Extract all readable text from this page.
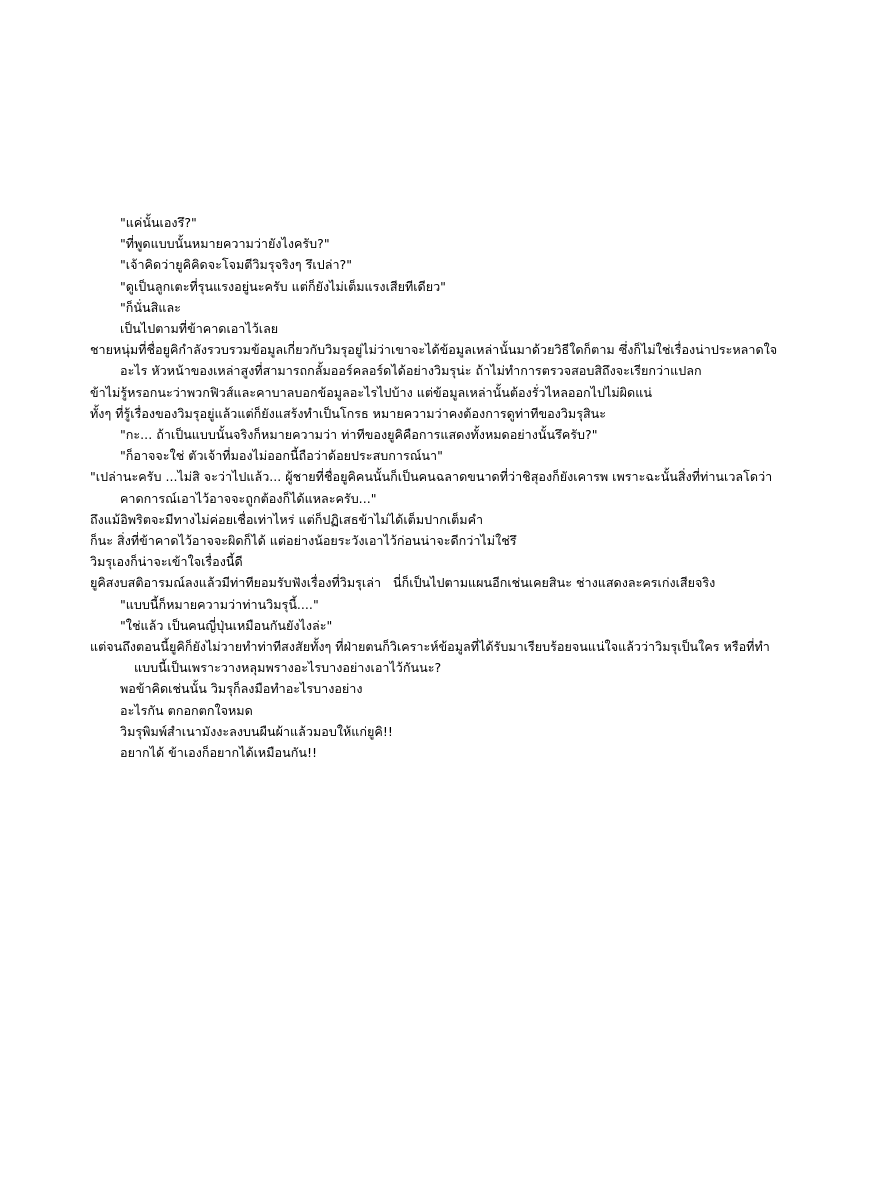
"แค่นั้นเองรึ?"
"ที่พูดแบบนั้นหมายความว่ายังไงครับ?"
"เจ้าคิดว่ายูคิคิดจะโจมตีวิมรุจริงๆ รึเปล่า?"
"ดูเป็นลูกเตะที่รุนแรงอยู่นะครับ แต่ก็ยังไม่เต็มแรงเสียทีเดียว"
"ก็นั่นสิและ
เป็นไปตามที่ข้าคาดเอาไว้เลย
ชายหนุ่มที่ชื่อยูคิกำลังรวบรวมข้อมูลเกี่ยวกับวิมรุอยู่ไม่ว่าเขาจะได้ข้อมูลเหล่านั้นมาด้วยวิธีใดก็ตาม ซึ่งก็ไม่ใช่เรื่องน่าประหลาดใจอะไร หัวหน้าของเหล่าสูงที่สามารถกลั้มออร์คลอร์ดได้อย่างวิมรุน่ะ ถ้าไม่ทำการตรวจสอบสิถึงจะเรียกว่าแปลก
ข้าไม่รู้หรอกนะว่าพวกฟิวส์และคาบาลบอกข้อมูลอะไรไปบ้าง แต่ข้อมูลเหล่านั้นต้องรั่วไหลออกไปไม่ผิดแน่
ทั้งๆ ที่รู้เรื่องของวิมรุอยู่แล้วแต่ก็ยังแสร้งทำเป็นโกรธ หมายความว่าคงต้องการดูท่าทีของวิมรุสินะ
"กะ... ถ้าเป็นแบบนั้นจริงก็หมายความว่า ท่าทีของยูคิคือการแสดงทั้งหมดอย่างนั้นรึครับ?"
"ก็อาจจะใช่ ตัวเจ้าที่มองไม่ออกนี้ถือว่าด้อยประสบการณ์นา"
"เปล่านะครับ ...ไม่สิ จะว่าไปแล้ว... ผู้ชายที่ชื่อยูคิคนนั้นก็เป็นคนฉลาดขนาดที่ว่าชิสุองก็ยังเคารพ เพราะฉะนั้นสิ่งที่ท่านเวลโดว่าคาดการณ์เอาไว้อาจจะถูกต้องก็ได้แหละครับ..."
ถึงแม้อิพริตจะมีทางไม่ค่อยเชื่อเท่าไหร่ แต่ก็ปฏิเสธข้าไม่ได้เต็มปากเต็มคำ
ก็นะ สิ่งที่ข้าคาดไว้อาจจะผิดก็ได้ แต่อย่างน้อยระวังเอาไว้ก่อนน่าจะดีกว่าไม่ใช่รึ
วิมรุเองก็น่าจะเข้าใจเรื่องนี้ดี
ยูคิสงบสติอารมณ์ลงแล้วมีท่าทียอมรับฟังเรื่องที่วิมรุเล่า   นี่ก็เป็นไปตามแผนอีกเช่นเคยสินะ ช่างแสดงละครเก่งเสียจริง
"แบบนี้ก็หมายความว่าท่านวิมรุนี้...."
"ใช่แล้ว เป็นคนญี่ปุ่นเหมือนกันยังไงล่ะ"
แต่จนถึงตอนนี้ยูคิก็ยังไม่วายทำท่าทีสงสัยทั้งๆ ที่ฝ่ายตนก็วิเคราะห์ข้อมูลที่ได้รับมาเรียบร้อยจนแน่ใจแล้วว่าวิมรุเป็นใคร หรือที่ทำแบบนี้เป็นเพราะวางหลุมพรางอะไรบางอย่างเอาไว้กันนะ?
พอข้าคิดเช่นนั้น วิมรุก็ลงมือทำอะไรบางอย่าง
อะไรกัน ตกอกตกใจหมด
วิมรุพิมพ์สำเนามังงะลงบนผืนผ้าแล้วมอบให้แก่ยูคิ!!
อยากได้ ข้าเองก็อยากได้เหมือนกัน!!
